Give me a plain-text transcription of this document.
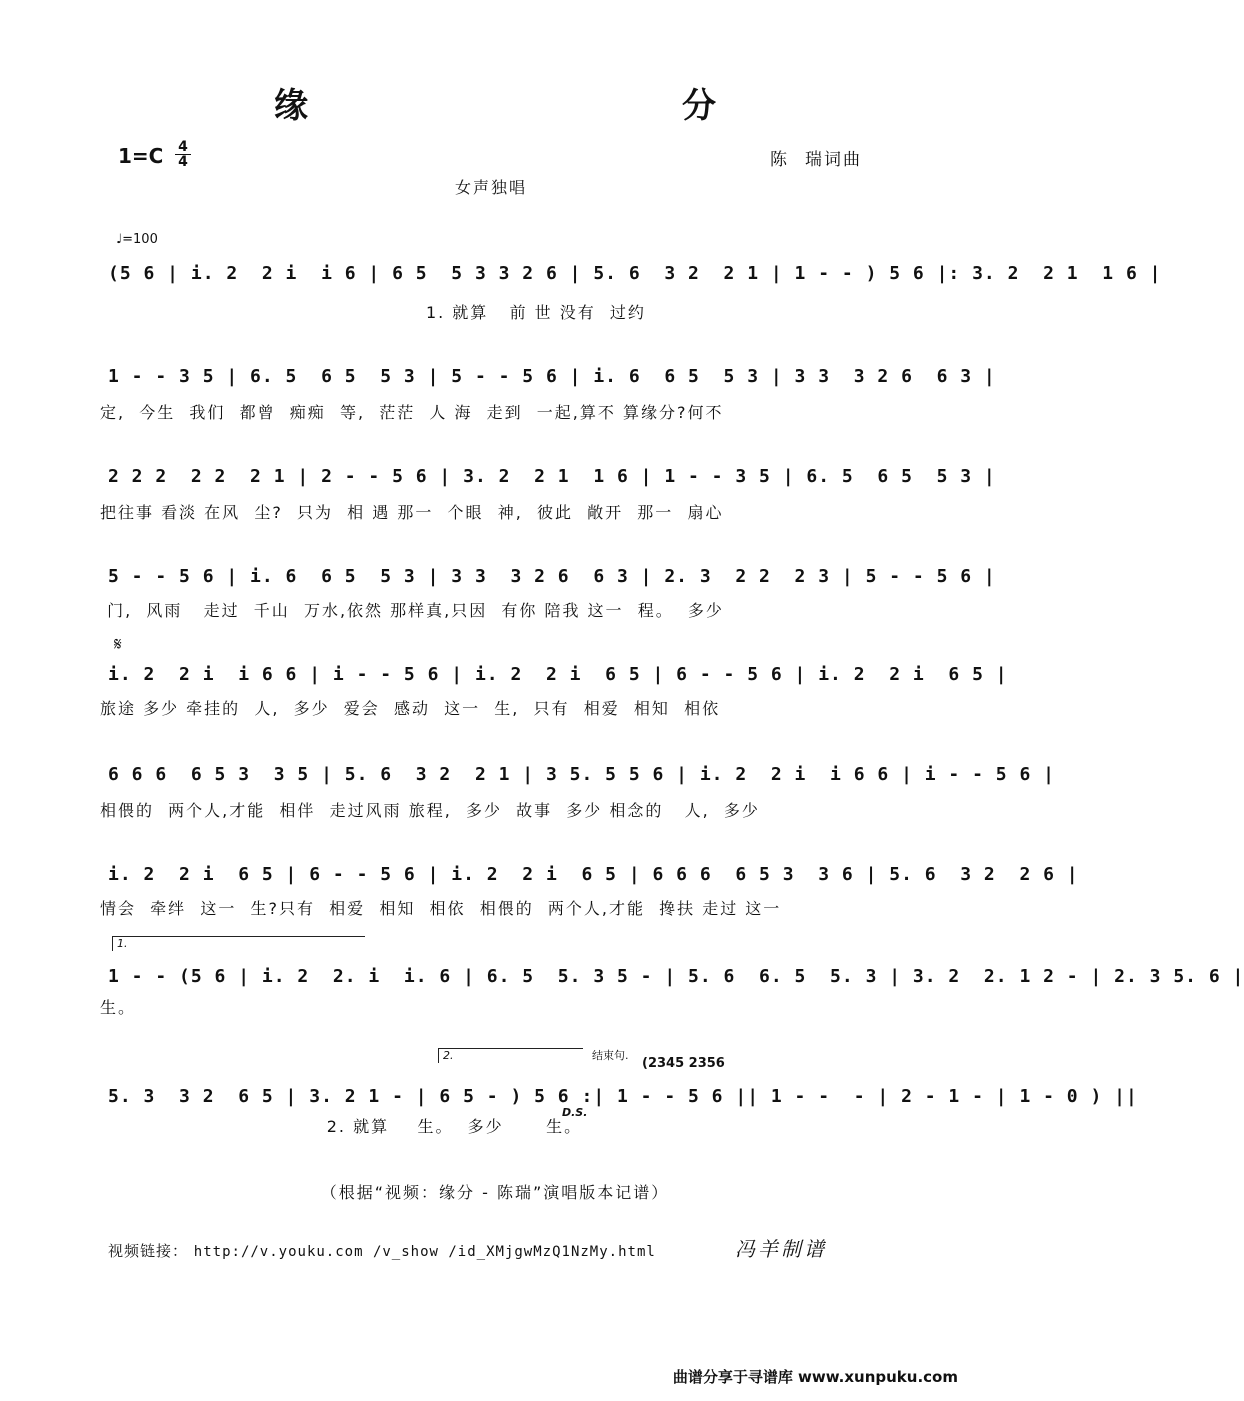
缘　分
1=C 4
4	陈 瑞词曲
女声独唱
♩=100

(5 6 | i. 2  2 i  i 6 | 6 5  5 3 3 2 6 | 5. 6  3 2  2 1 | 1 - - ) 5 6 |: 3. 2  2 1  1 6 |

1. 就算   前 世 没有  过约

1 - - 3 5 | 6. 5  6 5  5 3 | 5 - - 5 6 | i. 6  6 5  5 3 | 3 3  3 2 6  6 3 |

定,  今生  我们  都曾  痴痴  等,  茫茫  人 海  走到  一起,算不 算缘分?何不

2 2 2  2 2  2 1 | 2 - - 5 6 | 3. 2  2 1  1 6 | 1 - - 3 5 | 6. 5  6 5  5 3 |

把往事 看淡 在风  尘?  只为  相 遇 那一  个眼  神,  彼此  敞开  那一  扇心

5 - - 5 6 | i. 6  6 5  5 3 | 3 3  3 2 6  6 3 | 2. 3  2 2  2 3 | 5 - - 5 6 |

门,  风雨   走过  千山  万水,依然 那样真,只因  有你 陪我 这一  程。  多少
𝄋

i. 2  2 i  i 6 6 | i - - 5 6 | i. 2  2 i  6 5 | 6 - - 5 6 | i. 2  2 i  6 5 |

旅途 多少 牵挂的  人,  多少  爱会  感动  这一  生,  只有  相爱  相知  相依

6 6 6  6 5 3  3 5 | 5. 6  3 2  2 1 | 3 5. 5 5 6 | i. 2  2 i  i 6 6 | i - - 5 6 |

相偎的  两个人,才能  相伴  走过风雨 旅程,  多少  故事  多少 相念的   人,  多少

i. 2  2 i  6 5 | 6 - - 5 6 | i. 2  2 i  6 5 | 6 6 6  6 5 3  3 6 | 5. 6  3 2  2 6 |

情会  牵绊  这一  生?只有  相爱  相知  相依  相偎的  两个人,才能  搀扶 走过 这一
1.

1 - - (5 6 | i. 2  2. i  i. 6 | 6. 5  5. 3 5 - | 5. 6  6. 5  5. 3 | 3. 2  2. 1 2 - | 2. 3 5. 6 |

生。
2.	结束句.
(2345 2356

5. 3  3 2  6 5 | 3. 2 1 - | 6 5 - ) 5 6 :| 1 - - 5 6 || 1 - -  - | 2 - 1 - | 1 - 0 ) ||

D.S.
2. 就算    生。  多少      生。
（根据“视频：缘分 - 陈瑞”演唱版本记谱）
视频链接： http://v.youku.com /v_show /id_XMjgwMzQ1NzMy.html	冯羊制谱
曲谱分享于寻谱库 www.xunpuku.com
